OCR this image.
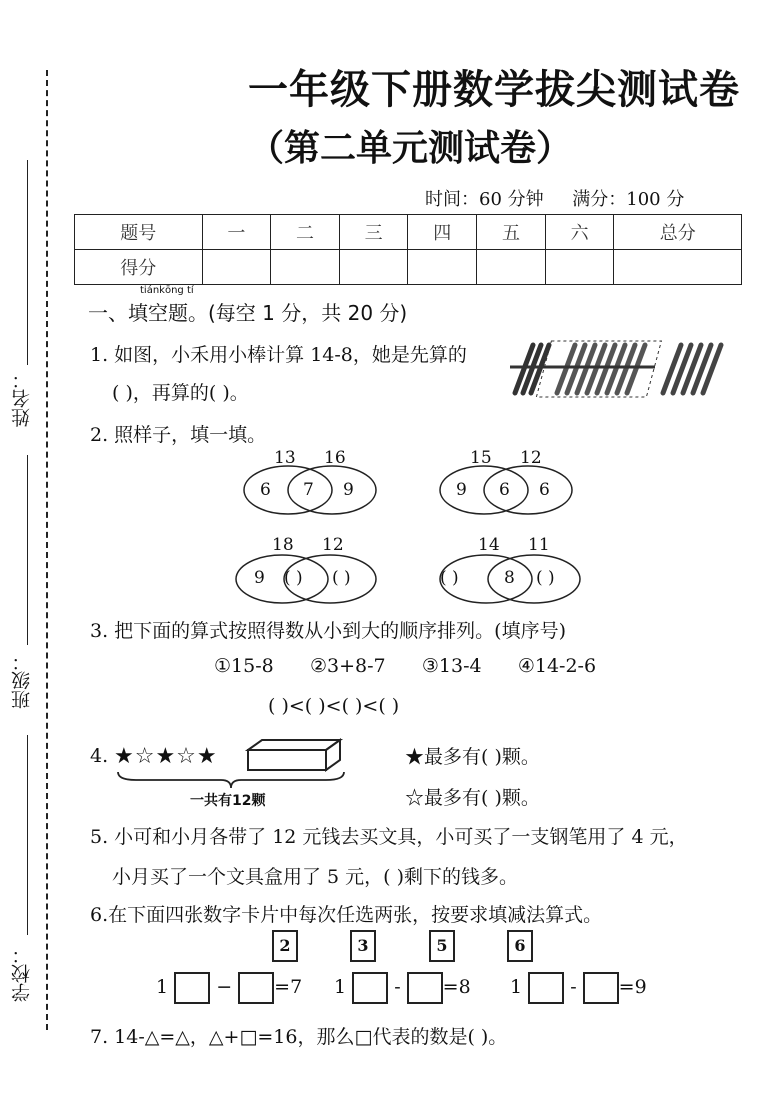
姓名：
班级：
学校：
一年级下册数学拔尖测试卷
（第二单元测试卷）
时间：60 分钟 满分：100 分
题号	一	二	三	四	五	六	总分
得分							
tiánkōng tí
一、填空题。(每空 1 分，共 20 分)
1. 如图，小禾用小棒计算 14-8，她是先算的
( )，再算的( )。
2. 照样子，填一填。
13 16
6 7 9
15 12
9 6 6
18 12
9 ( ) ( )
14 11
( )	8 ( )
3. 把下面的算式按照得数从小到大的顺序排列。(填序号)
①15-8 ②3+8-7 ③13-4 ④14-2-6
( )<( )<( )<( )
4. ★☆★☆★
一共有12颗
★最多有( )颗。
☆最多有( )颗。
5. 小可和小月各带了 12 元钱去买文具，小可买了一支钢笔用了 4 元，
小月买了一个文具盒用了 5 元，( )剩下的钱多。
6.在下面四张数字卡片中每次任选两张，按要求填减法算式。
2	3	5	6
1	− =7 1	- =8 1	- =9
7. 14-△=△，△+□=16，那么□代表的数是( )。
